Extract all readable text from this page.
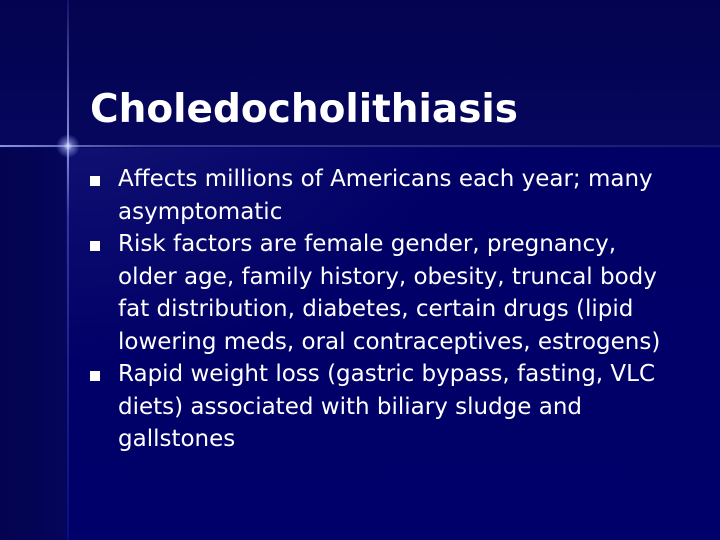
Choledocholithiasis
Affects millions of Americans each year; many asymptomatic
Risk factors are female gender, pregnancy, older age, family history, obesity, truncal body fat distribution, diabetes, certain drugs (lipid lowering meds, oral contraceptives, estrogens)
Rapid weight loss (gastric bypass, fasting, VLC diets) associated with biliary sludge and gallstones
